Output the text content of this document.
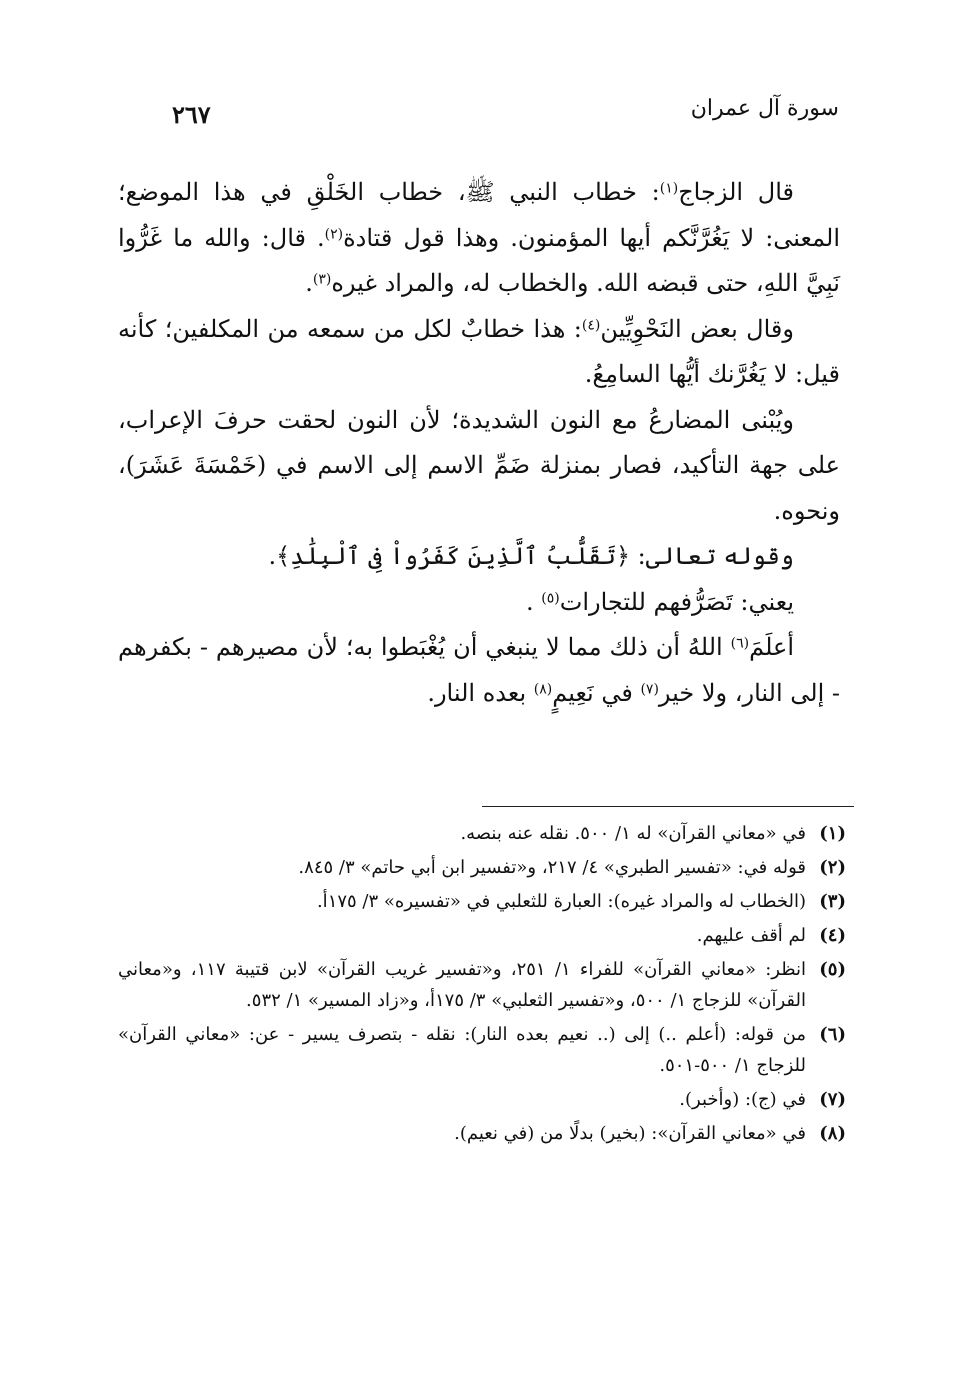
سورة آل عمران
٢٦٧

قال الزجاج$^{(١)}$: خطاب النبي ﷺ، خطاب الخَلْقِ في هذا الموضع؛ المعنى: لا يَغُرَّنَّكم أيها المؤمنون. وهذا قول قتادة$^{(٢)}$. قال: والله ما غَرُّوا نَبِيَّ اللهِ، حتى قبضه الله. والخطاب له، والمراد غيره$^{(٣)}$.

وقال بعض النَحْوِيِّين$^{(٤)}$: هذا خطابٌ لكل من سمعه من المكلفين؛ كأنه قيل: لا يَغُرَّنك أيُّها السامِعُ.

ويُبْنى المضارعُ مع النون الشديدة؛ لأن النون لحقت حرفَ الإعراب، على جهة التأكيد، فصار بمنزلة ضَمِّ الاسم إلى الاسم في (خَمْسَةَ عَشَرَ)، ونحوه.

وقوله تعالى: ﴿تَقَلُّبُ ٱلَّذِينَ كَفَرُواْ فِى ٱلْبِلَٰدِ﴾.

يعني: تَصَرُّفهم للتجارات$^{(٥)}$ .

أعلَمَ$^{(٦)}$ اللهُ أن ذلك مما لا ينبغي أن يُغْبَطوا به؛ لأن مصيرهم - بكفرهم - إلى النار، ولا خير$^{(٧)}$ في نَعِيمٍ$^{(٨)}$ بعده النار.

(١)
في «معاني القرآن» له ١/ ٥٠٠. نقله عنه بنصه.
(٢)
قوله في: «تفسير الطبري» ٤/ ٢١٧، و«تفسير ابن أبي حاتم» ٣/ ٨٤٥.
(٣)
(الخطاب له والمراد غيره): العبارة للثعلبي في «تفسيره» ٣/ ١٧٥أ.
(٤)
لم أقف عليهم.
(٥)
انظر: «معاني القرآن» للفراء ١/ ٢٥١، و«تفسير غريب القرآن» لابن قتيبة ١١٧، و«معاني القرآن» للزجاج ١/ ٥٠٠، و«تفسير الثعلبي» ٣/ ١٧٥أ، و«زاد المسير» ١/ ٥٣٢.
(٦)
من قوله: (أعلم ..) إلى (.. نعيم بعده النار): نقله - بتصرف يسير - عن: «معاني القرآن» للزجاج ١/ ٥٠٠-٥٠١.
(٧)
في (ج): (وأخبر).
(٨)
في «معاني القرآن»: (بخير) بدلًا من (في نعيم).
